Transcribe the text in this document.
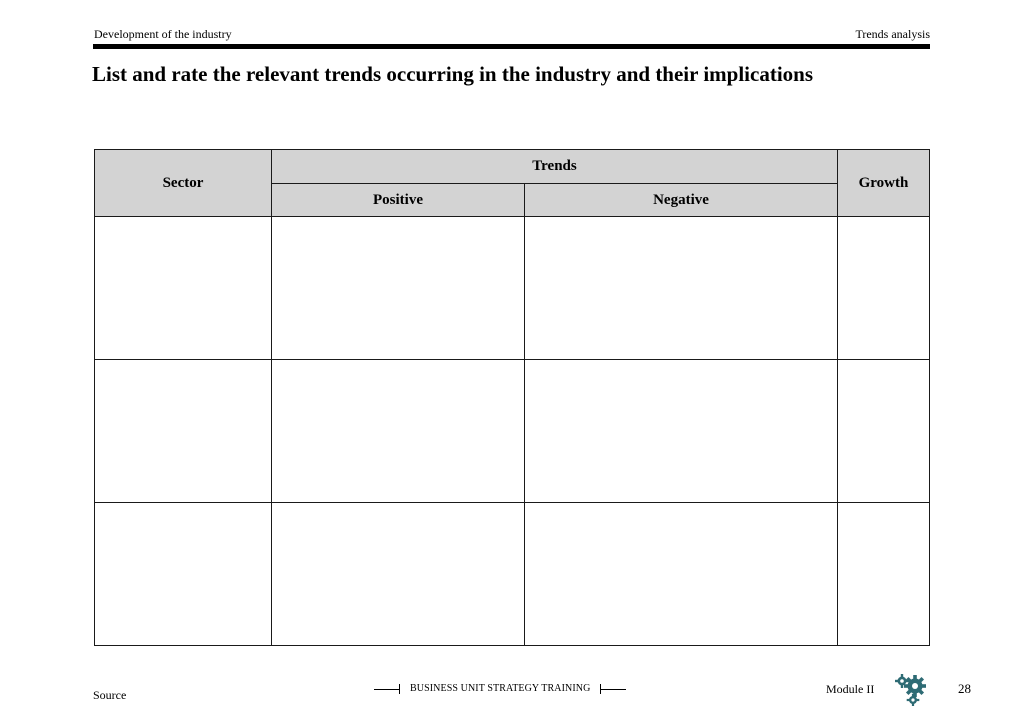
Development of the industry	Trends analysis
List and rate the relevant trends occurring in the industry and their implications
Sector	Trends		Growth
	Positive	Negative	

Source	BUSINESS UNIT STRATEGY TRAINING	Module II	28
